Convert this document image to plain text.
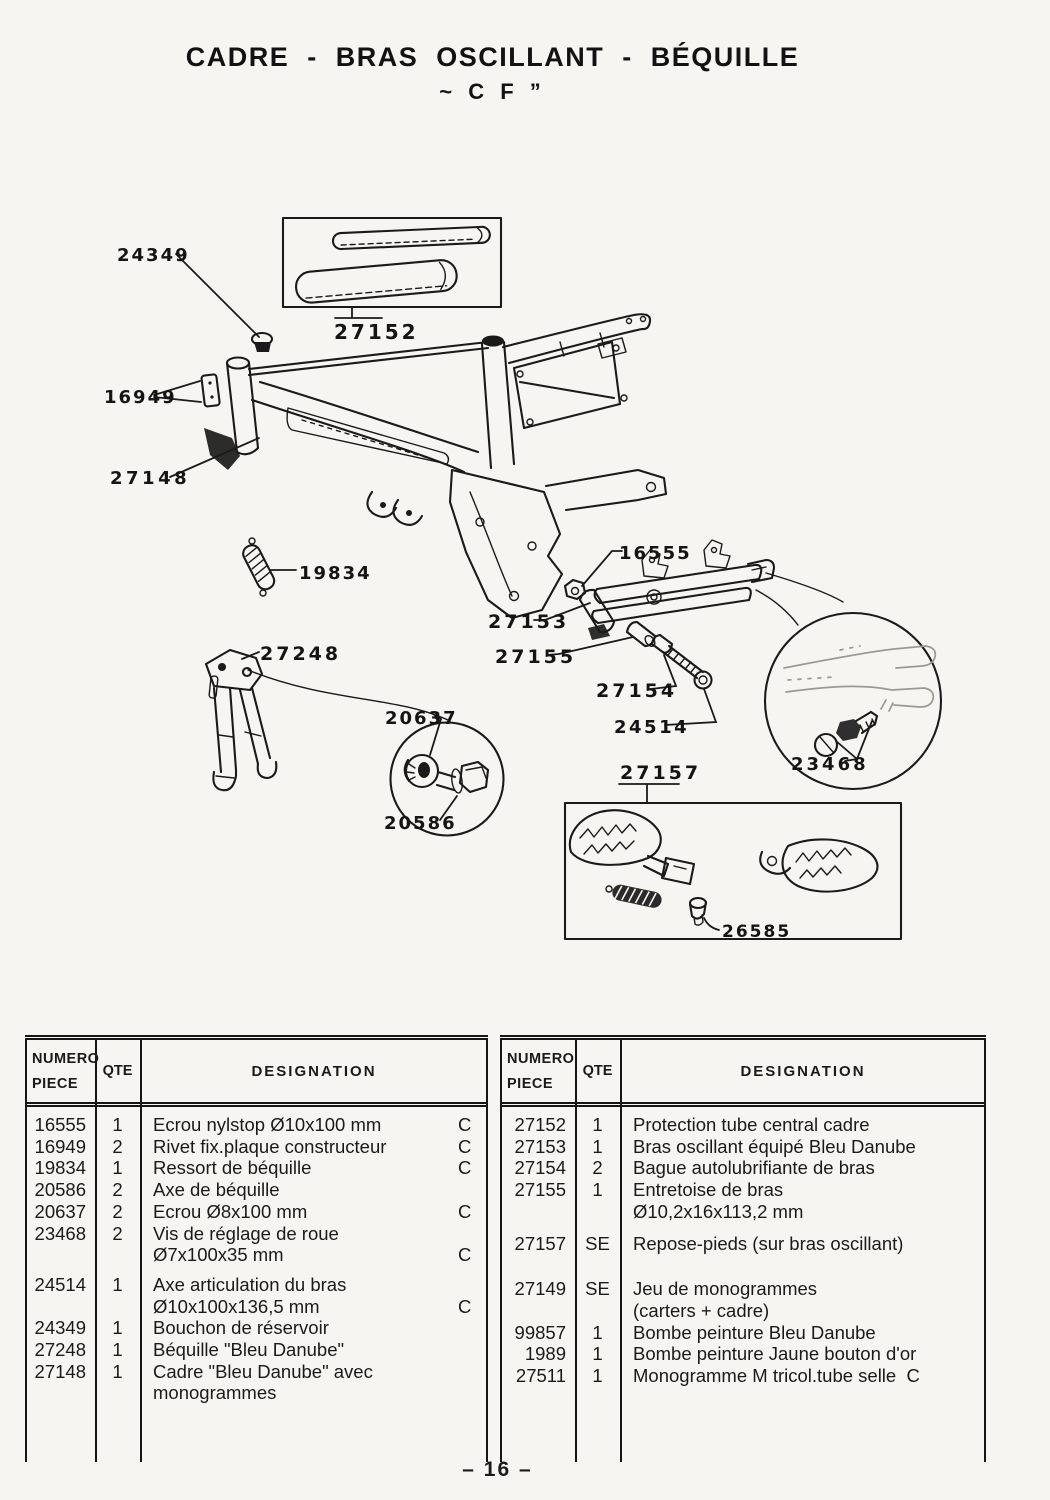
CADRE - BRAS OSCILLANT - BÉQUILLE
~ C F ”
24349
27152
16949
27148
19834
16555
27153
27155
27154
24514
27248
20637
20586
23468
27157
26585
NUMERO
PIECE
QTE	DESIGNATION
16555	1	Ecrou nylstop Ø10x100 mm	C
16949	2	Rivet fix.plaque constructeur	C
19834	1	Ressort de béquille	C
20586	2	Axe de béquille
20637	2	Ecrou Ø8x100 mm	C
23468	2	Vis de réglage de roue
Ø7x100x35 mm	C
24514	1	Axe articulation du bras
Ø10x100x136,5 mm	C
24349	1	Bouchon de réservoir
27248	1	Béquille "Bleu Danube"
27148	1	Cadre "Bleu Danube" avec
monogrammes
NUMERO
PIECE
QTE	DESIGNATION
27152	1	Protection tube central cadre
27153	1	Bras oscillant équipé Bleu Danube
27154	2	Bague autolubrifiante de bras
27155	1	Entretoise de bras
Ø10,2x16x113,2 mm
27157	SE	Repose-pieds (sur bras oscillant)
27149	SE	Jeu de monogrammes
(carters + cadre)
99857	1	Bombe peinture Bleu Danube
1989	1	Bombe peinture Jaune bouton d'or
27511	1	Monogramme M tricol.tube selle  C
– 16 –
